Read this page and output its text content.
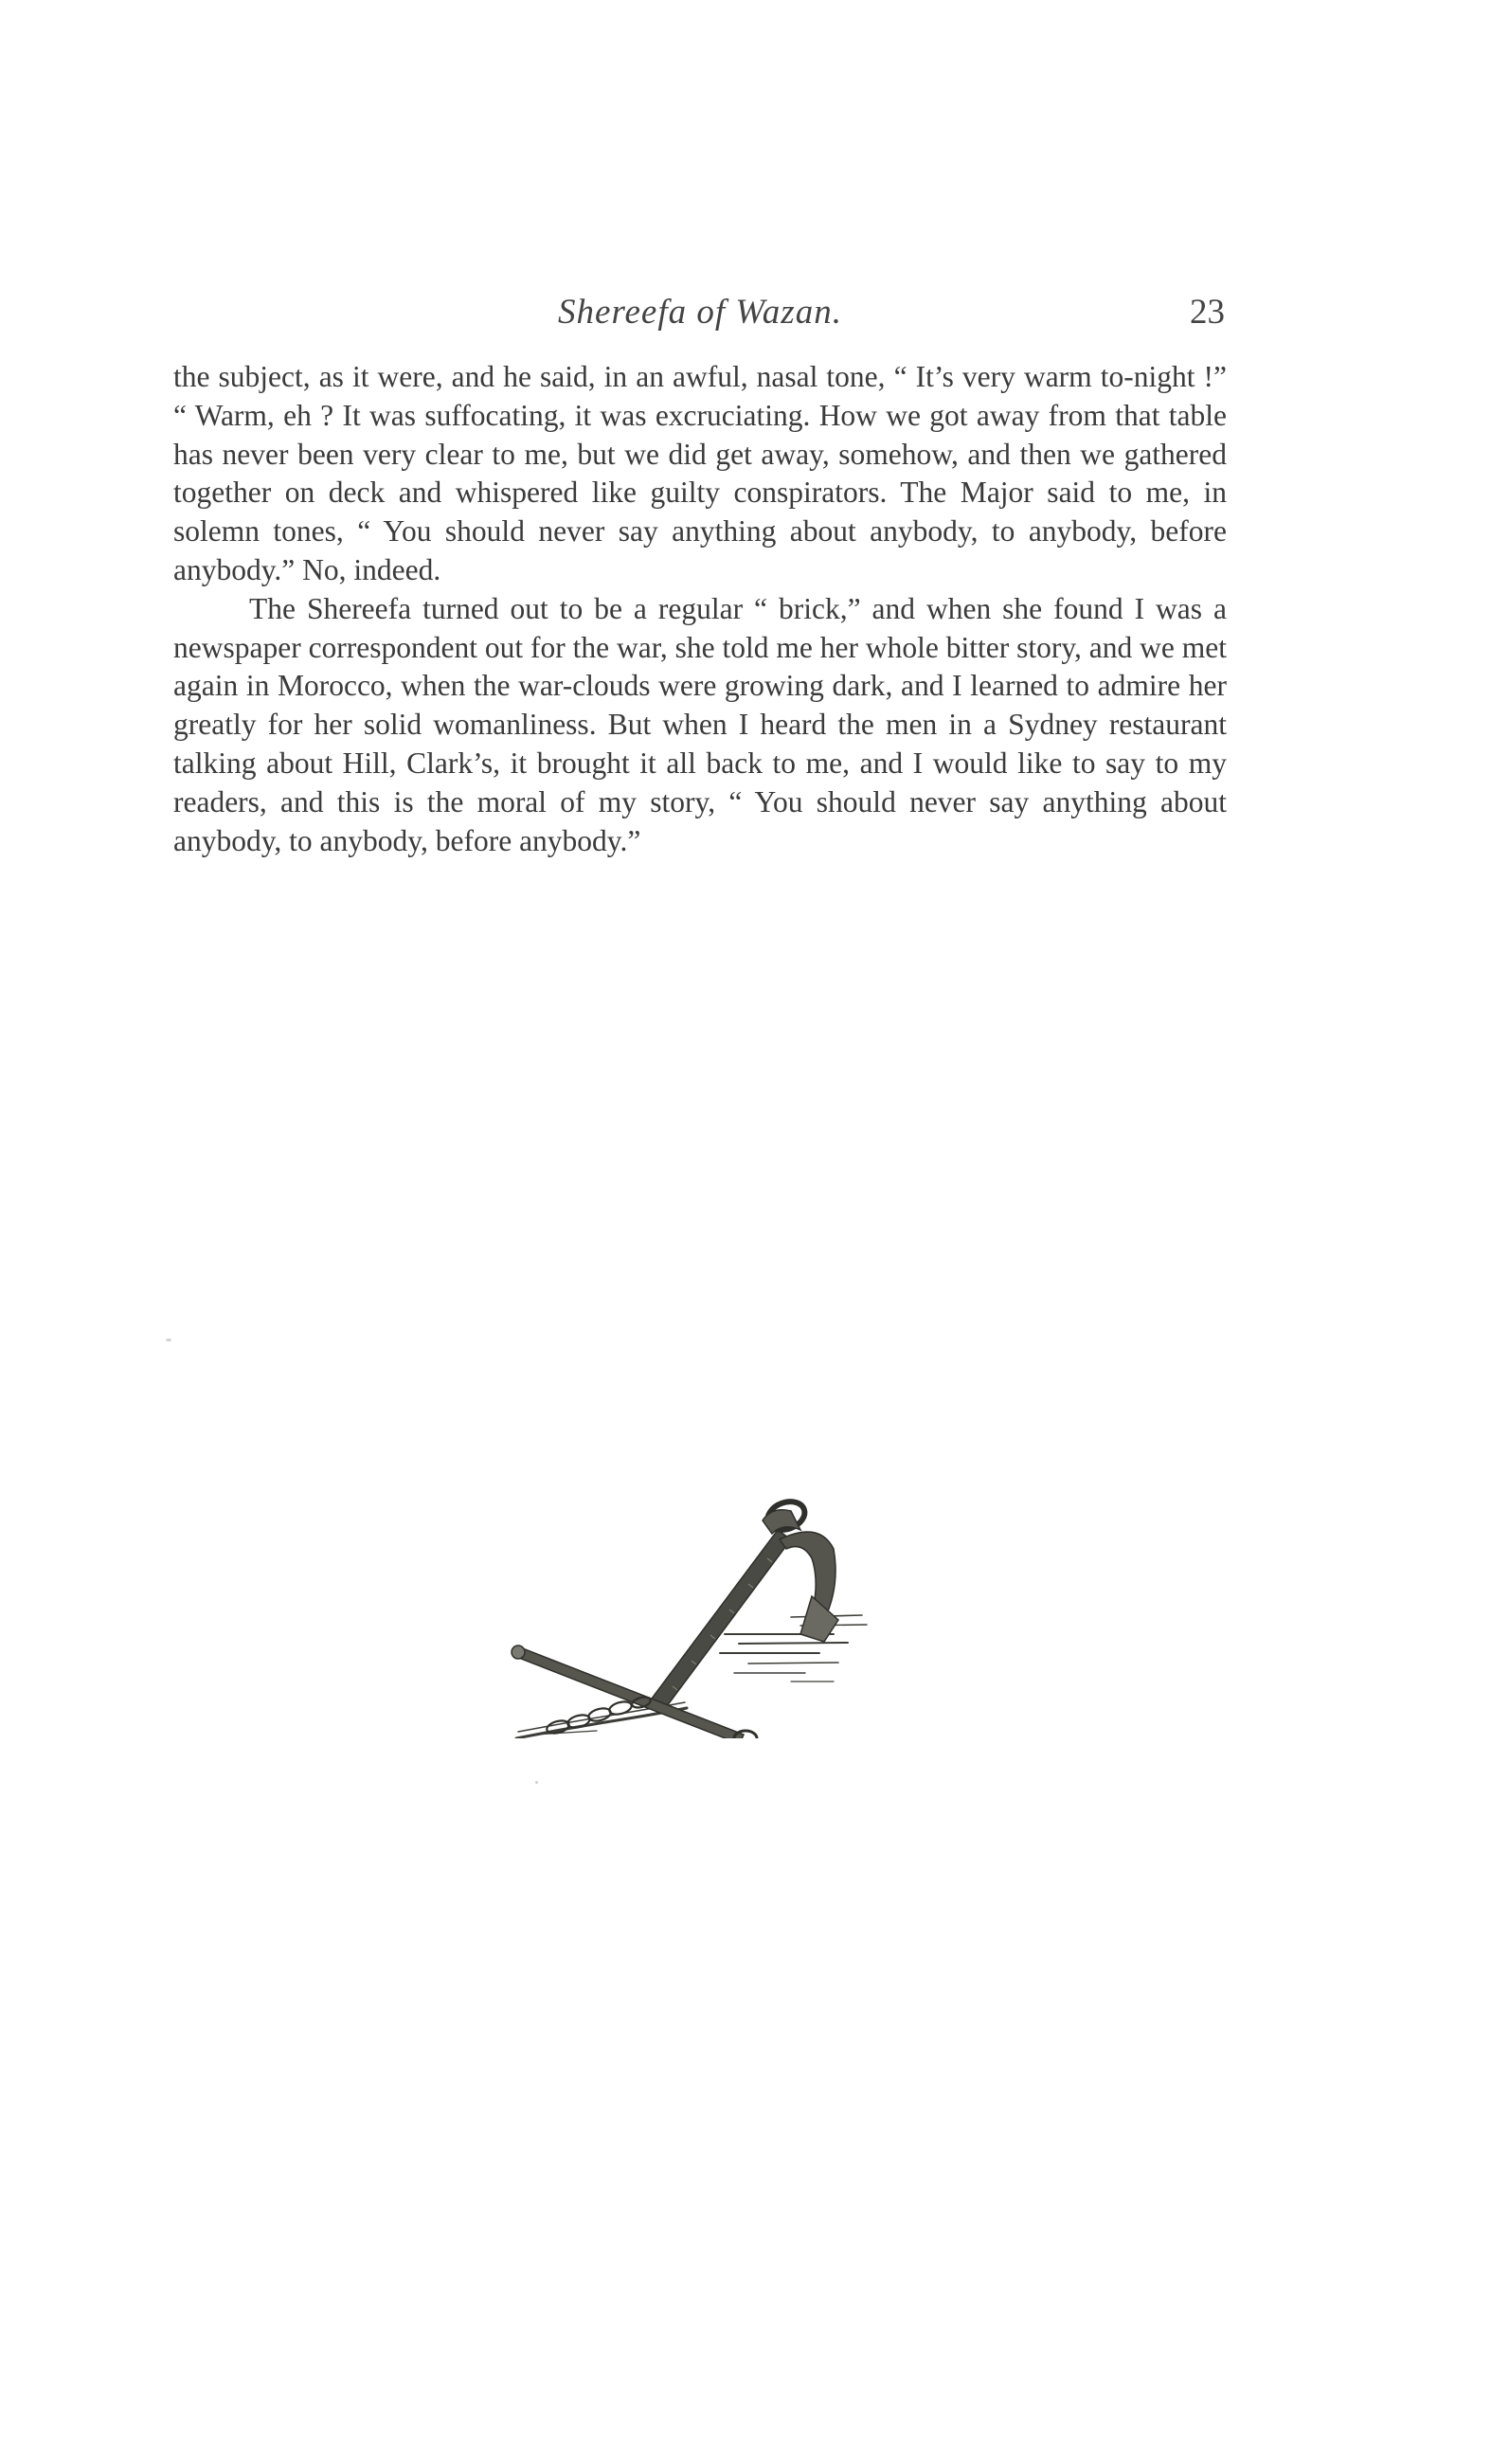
Shereefa of Wazan.	23

the subject, as it were, and he said, in an awful, nasal tone, “ It’s very warm to-night !” “ Warm, eh ? It was suffocating, it was excruciating. How we got away from that table has never been very clear to me, but we did get away, somehow, and then we gathered together on deck and whispered like guilty conspirators. The Major said to me, in solemn tones, “ You should never say anything about anybody, to anybody, before anybody.” No, indeed.

The Shereefa turned out to be a regular “ brick,” and when she found I was a newspaper correspondent out for the war, she told me her whole bitter story, and we met again in Morocco, when the war-clouds were growing dark, and I learned to admire her greatly for her solid womanliness. But when I heard the men in a Sydney restaurant talking about Hill, Clark’s, it brought it all back to me, and I would like to say to my readers, and this is the moral of my story, “ You should never say anything about anybody, to anybody, before anybody.”
